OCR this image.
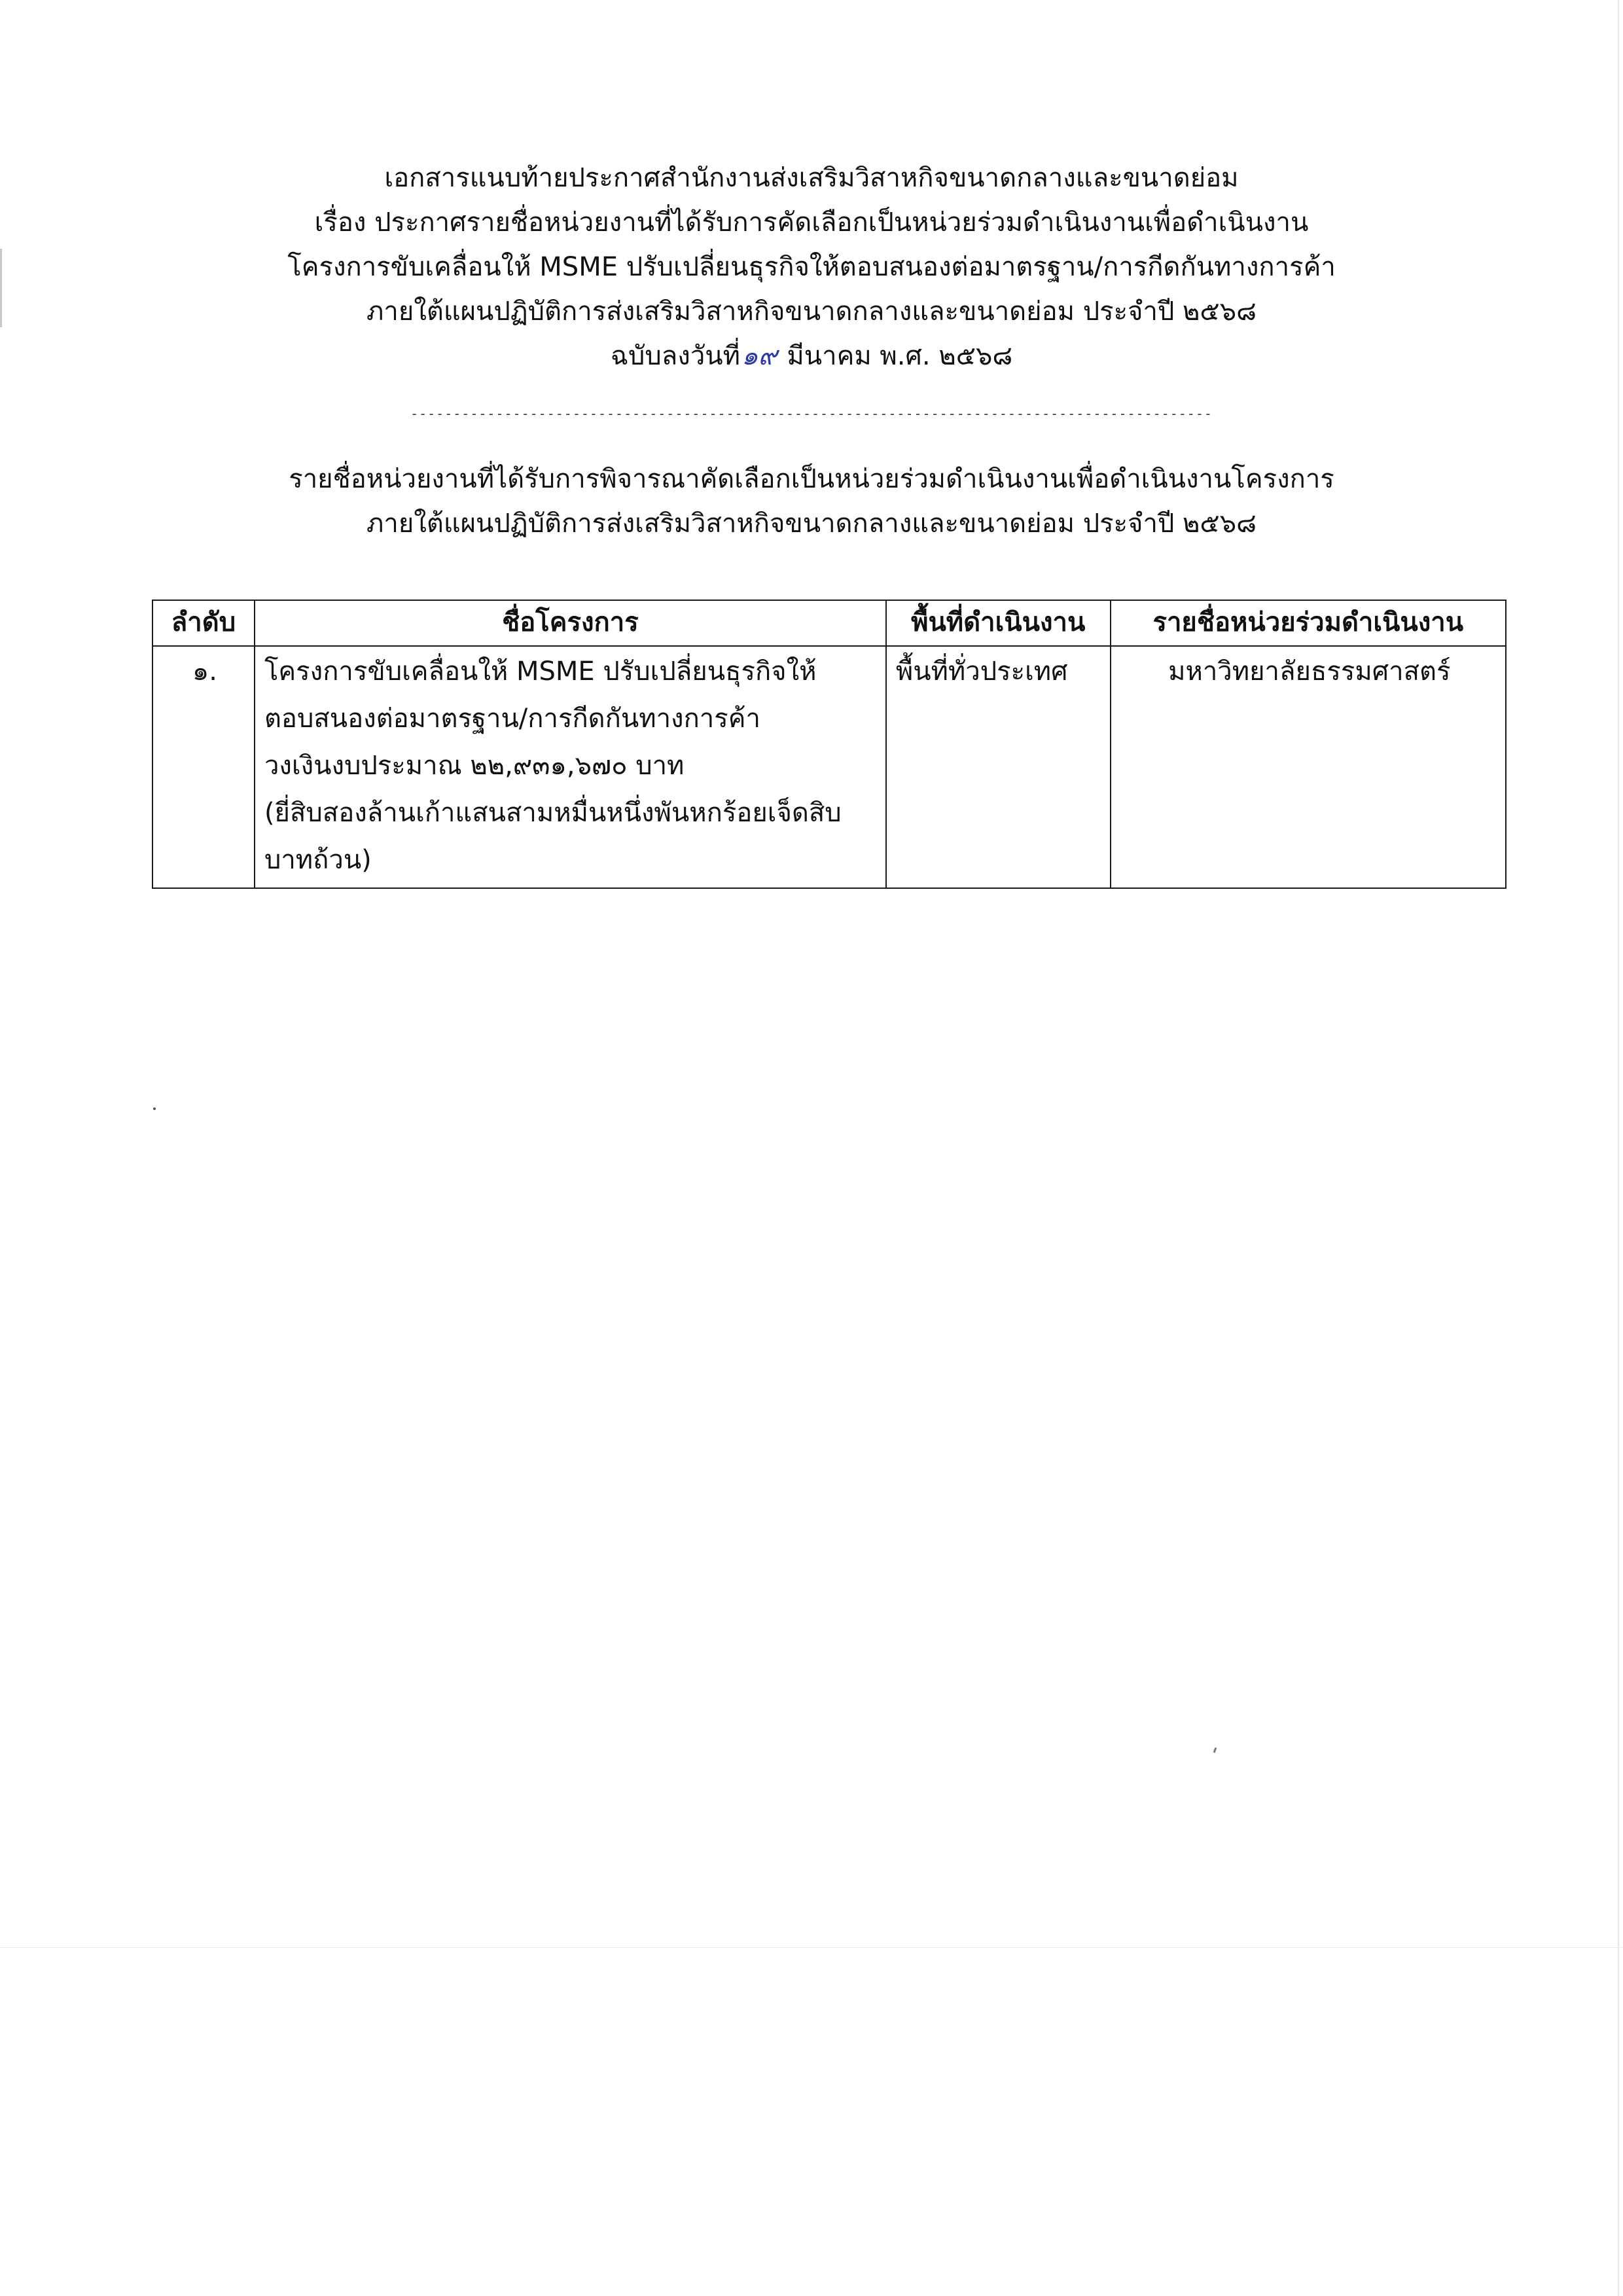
เอกสารแนบท้ายประกาศสำนักงานส่งเสริมวิสาหกิจขนาดกลางและขนาดย่อม
เรื่อง ประกาศรายชื่อหน่วยงานที่ได้รับการคัดเลือกเป็นหน่วยร่วมดำเนินงานเพื่อดำเนินงาน
โครงการขับเคลื่อนให้ MSME ปรับเปลี่ยนธุรกิจให้ตอบสนองต่อมาตรฐาน/การกีดกันทางการค้า
ภายใต้แผนปฏิบัติการส่งเสริมวิสาหกิจขนาดกลางและขนาดย่อม ประจำปี ๒๕๖๘
ฉบับลงวันที่๑๙ มีนาคม พ.ศ. ๒๕๖๘
----------------------------------------------------------------------------------------------
รายชื่อหน่วยงานที่ได้รับการพิจารณาคัดเลือกเป็นหน่วยร่วมดำเนินงานเพื่อดำเนินงานโครงการ
ภายใต้แผนปฏิบัติการส่งเสริมวิสาหกิจขนาดกลางและขนาดย่อม ประจำปี ๒๕๖๘
ลำดับ	ชื่อโครงการ	พื้นที่ดำเนินงาน	รายชื่อหน่วยร่วมดำเนินงาน
๑.	โครงการขับเคลื่อนให้ MSME ปรับเปลี่ยนธุรกิจให้
ตอบสนองต่อมาตรฐาน/การกีดกันทางการค้า
วงเงินงบประมาณ ๒๒,๙๓๑,๖๗๐ บาท
(ยี่สิบสองล้านเก้าแสนสามหมื่นหนึ่งพันหกร้อยเจ็ดสิบ
บาทถ้วน)	พื้นที่ทั่วประเทศ	มหาวิทยาลัยธรรมศาสตร์
